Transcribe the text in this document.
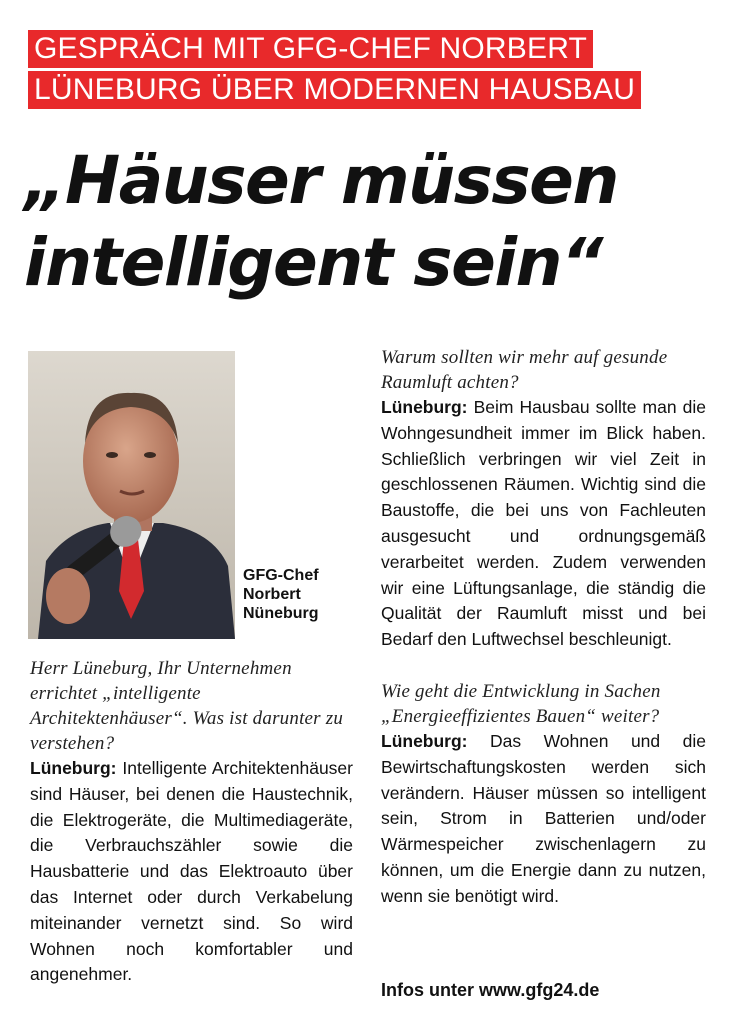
GESPRÄCH MIT GFG-CHEF NORBERT
LÜNEBURG ÜBER MODERNEN HAUSBAU
„Häuser müssen
intelligent sein“
GFG-Chef
Norbert
Nüneburg

Herr Lüneburg, Ihr Unternehmen errichtet „intelligente Architektenhäuser“. Was ist darunter zu verstehen?

Lüneburg: Intelligente Architektenhäuser sind Häuser, bei denen die Haustechnik, die Elektrogeräte, die Multimediageräte, die Verbrauchszähler sowie die Hausbatterie und das Elektroauto über das Internet oder durch Verkabelung miteinander vernetzt sind. So wird Wohnen noch komfortabler und angenehmer.

Warum sollten wir mehr auf gesunde Raumluft achten?

Lüneburg: Beim Hausbau sollte man die Wohngesundheit immer im Blick haben. Schließlich verbringen wir viel Zeit in geschlossenen Räumen. Wichtig sind die Baustoffe, die bei uns von Fachleuten ausgesucht und ordnungsgemäß verarbeitet werden. Zudem verwenden wir eine Lüftungsanlage, die ständig die Qualität der Raumluft misst und bei Bedarf den Luftwechsel beschleunigt.

Wie geht die Entwicklung in Sachen „Energieeffizientes Bauen“ weiter?

Lüneburg: Das Wohnen und die Bewirtschaftungskosten werden sich verändern. Häuser müssen so intelligent sein, Strom in Batterien und/oder Wärmespeicher zwischenlagern zu können, um die Energie dann zu nutzen, wenn sie benötigt wird.

Infos unter www.gfg24.de
